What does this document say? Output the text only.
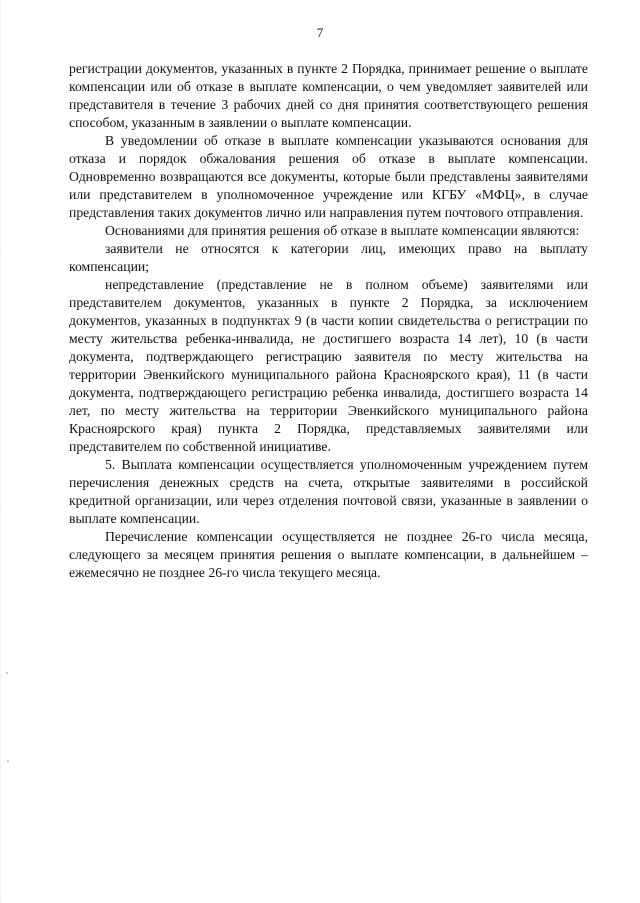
7

регистрации документов, указанных в пункте 2 Порядка, принимает решение о выплате компенсации или об отказе в выплате компенсации, о чем уведомляет заявителей или представителя в течение 3 рабочих дней со дня принятия соответствующего решения способом, указанным в заявлении о выплате компенсации.

В уведомлении об отказе в выплате компенсации указываются основания для отказа и порядок обжалования решения об отказе в выплате компенсации. Одновременно возвращаются все документы, которые были представлены заявителями или представителем в уполномоченное учреждение или КГБУ «МФЦ», в случае представления таких документов лично или направления путем почтового отправления.

Основаниями для принятия решения об отказе в выплате компенсации являются:

заявители не относятся к категории лиц, имеющих право на выплату компенсации;

непредставление (представление не в полном объеме) заявителями или представителем документов, указанных в пункте 2 Порядка, за исключением документов, указанных в подпунктах 9 (в части копии свидетельства о регистрации по месту жительства ребенка-инвалида, не достигшего возраста 14 лет), 10 (в части документа, подтверждающего регистрацию заявителя по месту жительства на территории Эвенкийского муниципального района Красноярского края), 11 (в части документа, подтверждающего регистрацию ребенка инвалида, достигшего возраста 14 лет, по месту жительства на территории Эвенкийского муниципального района Красноярского края) пункта 2 Порядка, представляемых заявителями или представителем по собственной инициативе.

5. Выплата компенсации осуществляется уполномоченным учреждением путем перечисления денежных средств на счета, открытые заявителями в российской кредитной организации, или через отделения почтовой связи, указанные в заявлении о выплате компенсации.

Перечисление компенсации осуществляется не позднее 26-го числа месяца, следующего за месяцем принятия решения о выплате компенсации, в дальнейшем – ежемесячно не позднее 26-го числа текущего месяца.
